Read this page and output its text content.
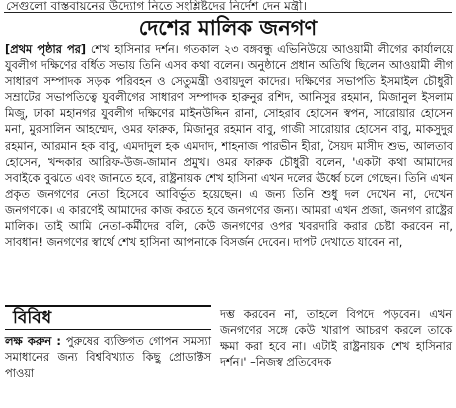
সেগুলো বাস্তবায়নের উদ্যোগ নিতে সংশ্লিষ্টদের নির্দেশ দেন মন্ত্রী।
দেশের মালিক জনগণ

[প্রথম পৃষ্ঠার পর] শেখ হাসিনার দর্শন। গতকাল ২৩ বঙ্গবন্ধু এভিনিউয়ে আওয়ামী লীগের কার্যালয়ে যুবলীগ দক্ষিণের বর্ধিত সভায় তিনি এসব কথা বলেন। অনুষ্ঠানে প্রধান অতিথি ছিলেন আওয়ামী লীগ সাধারণ সম্পাদক সড়ক পরিবহন ও সেতুমন্ত্রী ওবায়দুল কাদের। দক্ষিণের সভাপতি ইসমাইল চৌধুরী সম্রাটের সভাপতিত্বে যুবলীগের সাধারণ সম্পাদক হারুনুর রশিদ, আনিসুর রহমান, মিজানুল ইসলাম মিজু, ঢাকা মহানগর যুবলীগ দক্ষিণের মাইনউদ্দিন রানা, সোহরাব হোসেন স্বপন, সারোয়ার হোসেন মনা, মুরসালিন আহম্মেদ, ওমর ফারুক, মিজানুর রহমান বাবু, গাজী সারোয়ার হোসেন বাবু, মাকসুদুর রহমান, আরমান হক বাবু, এমদাদুল হক এমদাদ, শাহনাজ পারভীন হীরা, সৈয়দ মাসীদ শুভ, আলতাব হোসেন, খন্দকার আরিফ-উজ-জামান প্রমুখ। ওমর ফারুক চৌধুরী বলেন, 'একটা কথা আমাদের সবাইকে বুঝতে এবং জানতে হবে, রাষ্ট্রনায়ক শেখ হাসিনা এখন দলের ঊর্ধ্বে চলে গেছেন। তিনি এখন প্রকৃত জনগণের নেতা হিসেবে আবির্ভূত হয়েছেন। এ জন্য তিনি শুধু দল দেখেন না, দেখেন জনগণকে। এ কারণেই আমাদের কাজ করতে হবে জনগণের জন্য। আমরা এখন প্রজা, জনগণ রাষ্ট্রের মালিক। তাই আমি নেতা-কর্মীদের বলি, কেউ জনগণের ওপর খবরদারি করার চেষ্টা করবেন না, সাবধান! জনগণের স্বার্থে শেখ হাসিনা আপনাকে বিসর্জন দেবেন। দাপট দেখাতে যাবেন না,

বিবিধ
লক্ষ করুন : পুরুষের ব্যক্তিগত গোপন সমস্যা সমাধানের জন্য বিশ্ববিখ্যাত কিছু প্রোডাক্টস পাওয়া

দম্ভ করবেন না, তাহলে বিপদে পড়বেন। এখন জনগণের সঙ্গে কেউ খারাপ আচরণ করলে তাকে ক্ষমা করা হবে না। এটাই রাষ্ট্রনায়ক শেখ হাসিনার দর্শন।' –নিজস্ব প্রতিবেদক
